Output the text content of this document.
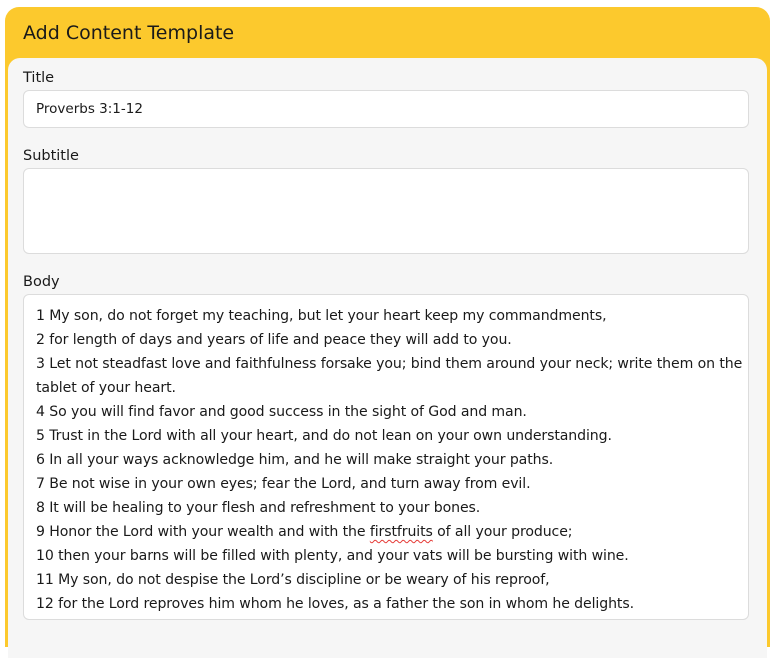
Add Content Template
Title
Proverbs 3:1-12
Subtitle
Body
1 My son, do not forget my teaching, but let your heart keep my commandments,
2 for length of days and years of life and peace they will add to you.
3 Let not steadfast love and faithfulness forsake you; bind them around your neck; write them on the
tablet of your heart.
4 So you will find favor and good success in the sight of God and man.
5 Trust in the Lord with all your heart, and do not lean on your own understanding.
6 In all your ways acknowledge him, and he will make straight your paths.
7 Be not wise in your own eyes; fear the Lord, and turn away from evil.
8 It will be healing to your flesh and refreshment to your bones.
9 Honor the Lord with your wealth and with the firstfruits of all your produce;
10 then your barns will be filled with plenty, and your vats will be bursting with wine.
11 My son, do not despise the Lord’s discipline or be weary of his reproof,
12 for the Lord reproves him whom he loves, as a father the son in whom he delights.
